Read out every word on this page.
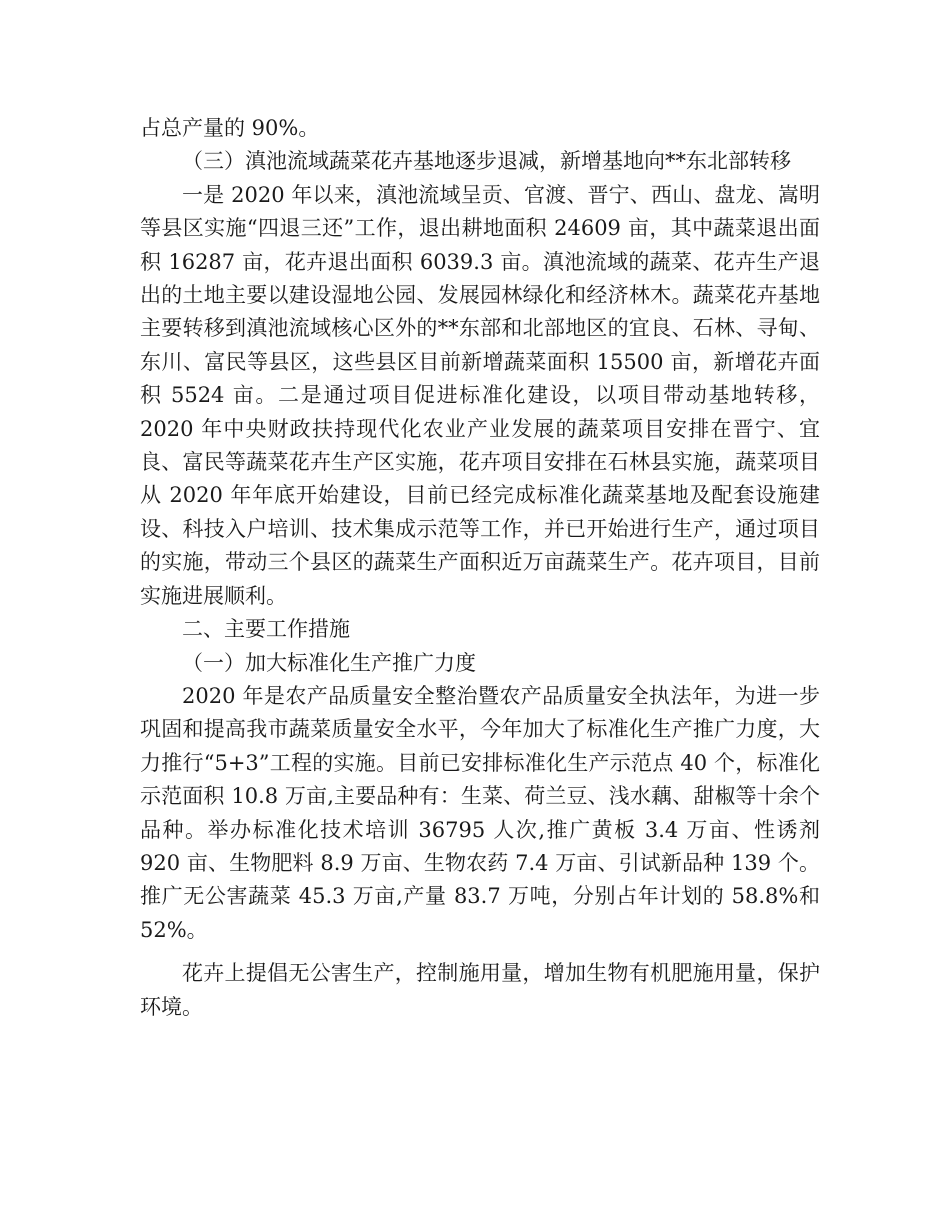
占总产量的 90%。

（三）滇池流域蔬菜花卉基地逐步退减，新增基地向**东北部转移

一是 2020 年以来，滇池流域呈贡、官渡、晋宁、西山、盘龙、嵩明等县区实施“四退三还”工作，退出耕地面积 24609 亩，其中蔬菜退出面积 16287 亩，花卉退出面积 6039.3 亩。滇池流域的蔬菜、花卉生产退出的土地主要以建设湿地公园、发展园林绿化和经济林木。蔬菜花卉基地主要转移到滇池流域核心区外的**东部和北部地区的宜良、石林、寻甸、东川、富民等县区，这些县区目前新增蔬菜面积 15500 亩，新增花卉面积 5524 亩。二是通过项目促进标准化建设，以项目带动基地转移，2020 年中央财政扶持现代化农业产业发展的蔬菜项目安排在晋宁、宜良、富民等蔬菜花卉生产区实施，花卉项目安排在石林县实施，蔬菜项目从 2020 年年底开始建设，目前已经完成标准化蔬菜基地及配套设施建设、科技入户培训、技术集成示范等工作，并已开始进行生产，通过项目的实施，带动三个县区的蔬菜生产面积近万亩蔬菜生产。花卉项目，目前实施进展顺利。

二、主要工作措施

（一）加大标准化生产推广力度

2020 年是农产品质量安全整治暨农产品质量安全执法年，为进一步巩固和提高我市蔬菜质量安全水平，今年加大了标准化生产推广力度，大力推行“5+3”工程的实施。目前已安排标准化生产示范点 40 个，标准化示范面积 10.8 万亩,主要品种有：生菜、荷兰豆、浅水藕、甜椒等十余个品种。举办标准化技术培训 36795 人次,推广黄板 3.4 万亩、性诱剂 920 亩、生物肥料 8.9 万亩、生物农药 7.4 万亩、引试新品种 139 个。推广无公害蔬菜 45.3 万亩,产量 83.7 万吨，分别占年计划的 58.8%和 52%。

花卉上提倡无公害生产，控制施用量，增加生物有机肥施用量，保护环境。
